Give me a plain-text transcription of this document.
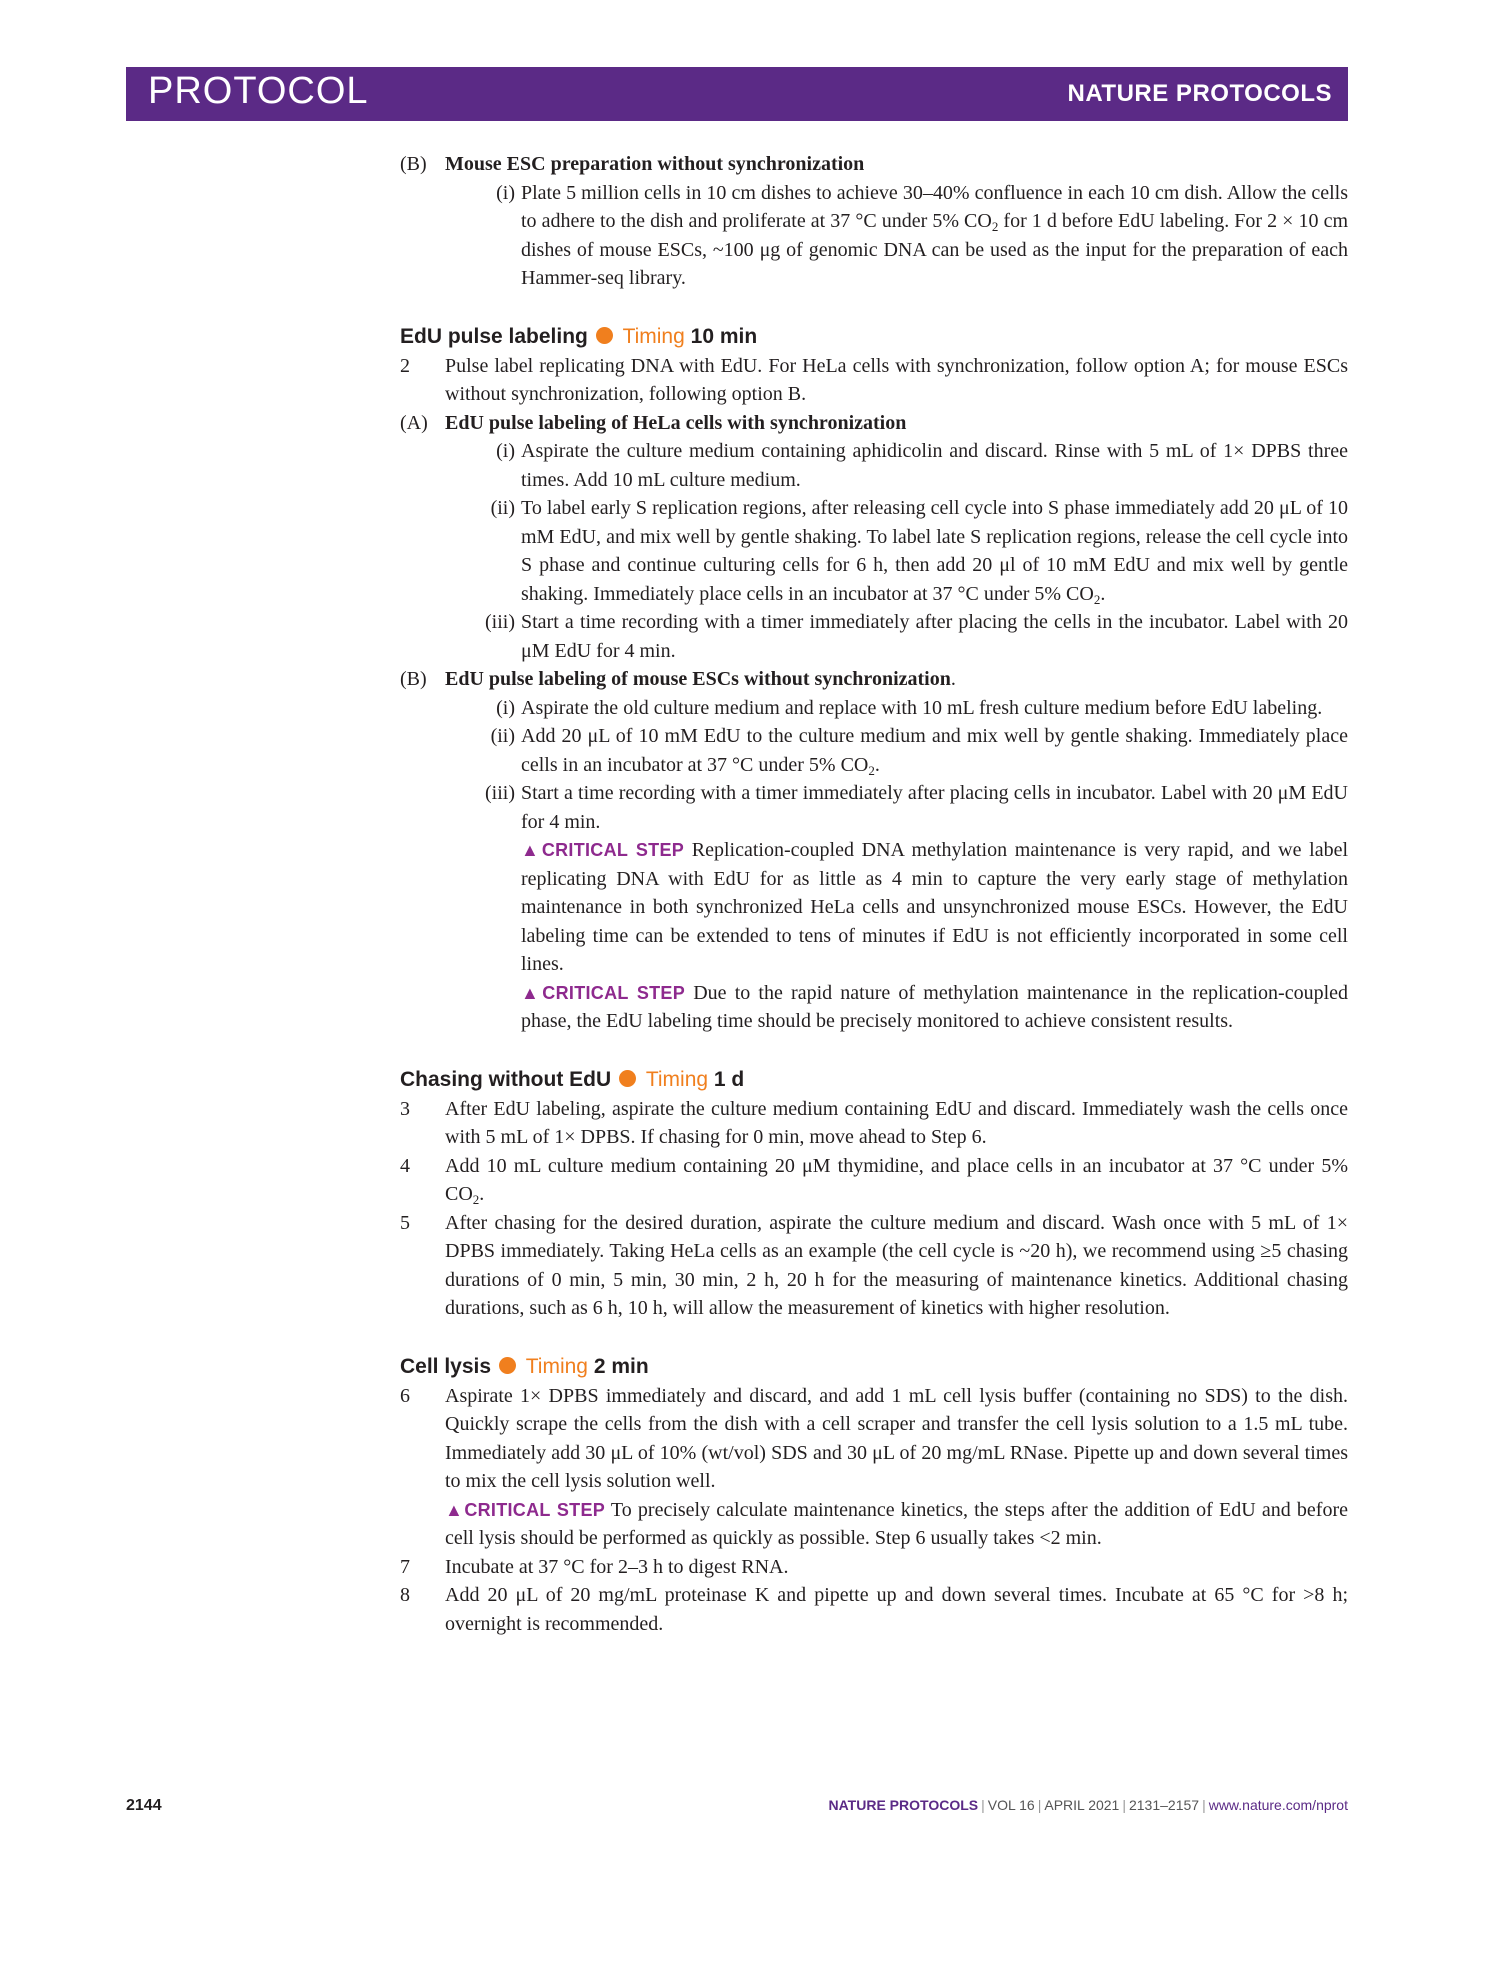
PROTOCOL	NATURE PROTOCOLS
(B) Mouse ESC preparation without synchronization
(i) Plate 5 million cells in 10 cm dishes to achieve 30–40% confluence in each 10 cm dish. Allow the cells to adhere to the dish and proliferate at 37 °C under 5% $CO_2$ for 1 d before EdU labeling. For 2 × 10 cm dishes of mouse ESCs, ~100 μg of genomic DNA can be used as the input for the preparation of each Hammer-seq library.
EdU pulse labeling Timing 10 min
2 Pulse label replicating DNA with EdU. For HeLa cells with synchronization, follow option A; for mouse ESCs without synchronization, following option B.
(A) EdU pulse labeling of HeLa cells with synchronization
(i) Aspirate the culture medium containing aphidicolin and discard. Rinse with 5 mL of 1× DPBS three times. Add 10 mL culture medium.
(ii) To label early S replication regions, after releasing cell cycle into S phase immediately add 20 μL of 10 mM EdU, and mix well by gentle shaking. To label late S replication regions, release the cell cycle into S phase and continue culturing cells for 6 h, then add 20 μl of 10 mM EdU and mix well by gentle shaking. Immediately place cells in an incubator at 37 °C under 5% $CO_2$.
(iii) Start a time recording with a timer immediately after placing the cells in the incubator. Label with 20 μM EdU for 4 min.
(B) EdU pulse labeling of mouse ESCs without synchronization.
(i) Aspirate the old culture medium and replace with 10 mL fresh culture medium before EdU labeling.
(ii) Add 20 μL of 10 mM EdU to the culture medium and mix well by gentle shaking. Immediately place cells in an incubator at 37 °C under 5% $CO_2$.
(iii) Start a time recording with a timer immediately after placing cells in incubator. Label with 20 μM EdU for 4 min.
▲CRITICAL STEP Replication-coupled DNA methylation maintenance is very rapid, and we label replicating DNA with EdU for as little as 4 min to capture the very early stage of methylation maintenance in both synchronized HeLa cells and unsynchronized mouse ESCs. However, the EdU labeling time can be extended to tens of minutes if EdU is not efficiently incorporated in some cell lines.
▲CRITICAL STEP Due to the rapid nature of methylation maintenance in the replication-coupled phase, the EdU labeling time should be precisely monitored to achieve consistent results.
Chasing without EdU Timing 1 d
3 After EdU labeling, aspirate the culture medium containing EdU and discard. Immediately wash the cells once with 5 mL of 1× DPBS. If chasing for 0 min, move ahead to Step 6.
4 Add 10 mL culture medium containing 20 μM thymidine, and place cells in an incubator at 37 °C under 5% $CO_2$.
5 After chasing for the desired duration, aspirate the culture medium and discard. Wash once with 5 mL of 1× DPBS immediately. Taking HeLa cells as an example (the cell cycle is ~20 h), we recommend using ≥5 chasing durations of 0 min, 5 min, 30 min, 2 h, 20 h for the measuring of maintenance kinetics. Additional chasing durations, such as 6 h, 10 h, will allow the measurement of kinetics with higher resolution.
Cell lysis Timing 2 min
6 Aspirate 1× DPBS immediately and discard, and add 1 mL cell lysis buffer (containing no SDS) to the dish. Quickly scrape the cells from the dish with a cell scraper and transfer the cell lysis solution to a 1.5 mL tube. Immediately add 30 μL of 10% (wt/vol) SDS and 30 μL of 20 mg/mL RNase. Pipette up and down several times to mix the cell lysis solution well.
▲CRITICAL STEP To precisely calculate maintenance kinetics, the steps after the addition of EdU and before cell lysis should be performed as quickly as possible. Step 6 usually takes <2 min.
7 Incubate at 37 °C for 2–3 h to digest RNA.
8 Add 20 μL of 20 mg/mL proteinase K and pipette up and down several times. Incubate at 65 °C for >8 h; overnight is recommended.
2144	NATURE PROTOCOLS | VOL 16 | APRIL 2021 | 2131–2157 | www.nature.com/nprot
